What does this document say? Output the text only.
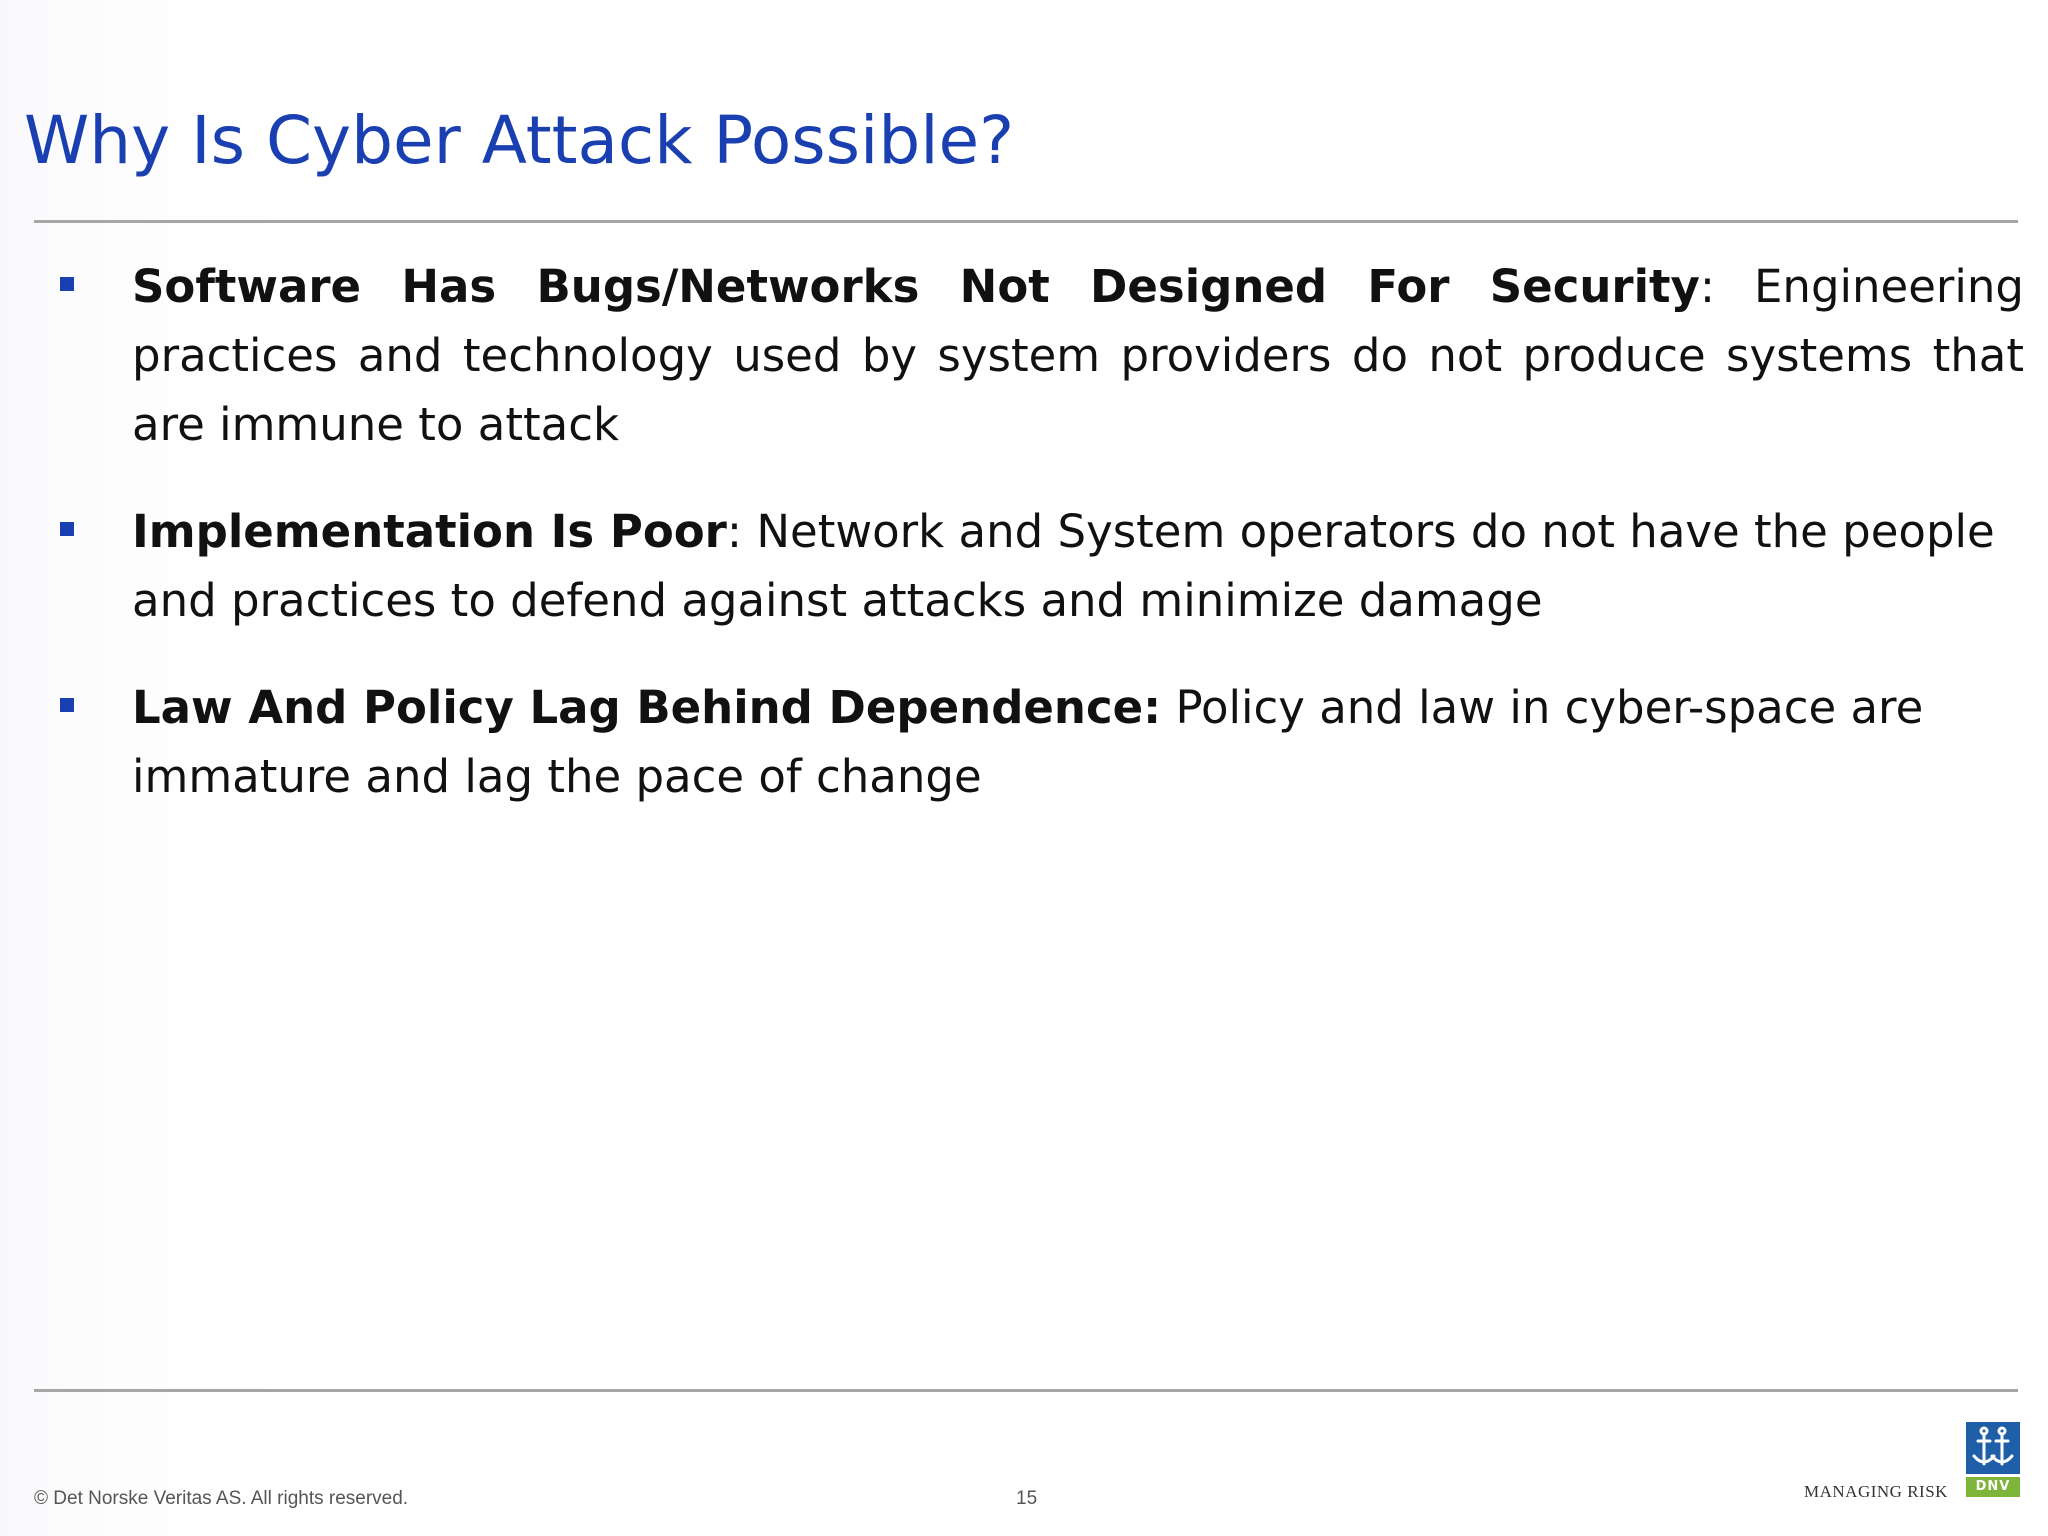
Why Is Cyber Attack Possible?
Software Has Bugs/Networks Not Designed For Security: Engineering practices and technology used by system providers do not produce systems that are immune to attack
Implementation Is Poor: Network and System operators do not have the people and practices to defend against attacks and minimize damage
Law And Policy Lag Behind Dependence: Policy and law in cyber-space are immature and lag the pace of change
© Det Norske Veritas AS. All rights reserved.	15	MANAGING RISK	DNV
